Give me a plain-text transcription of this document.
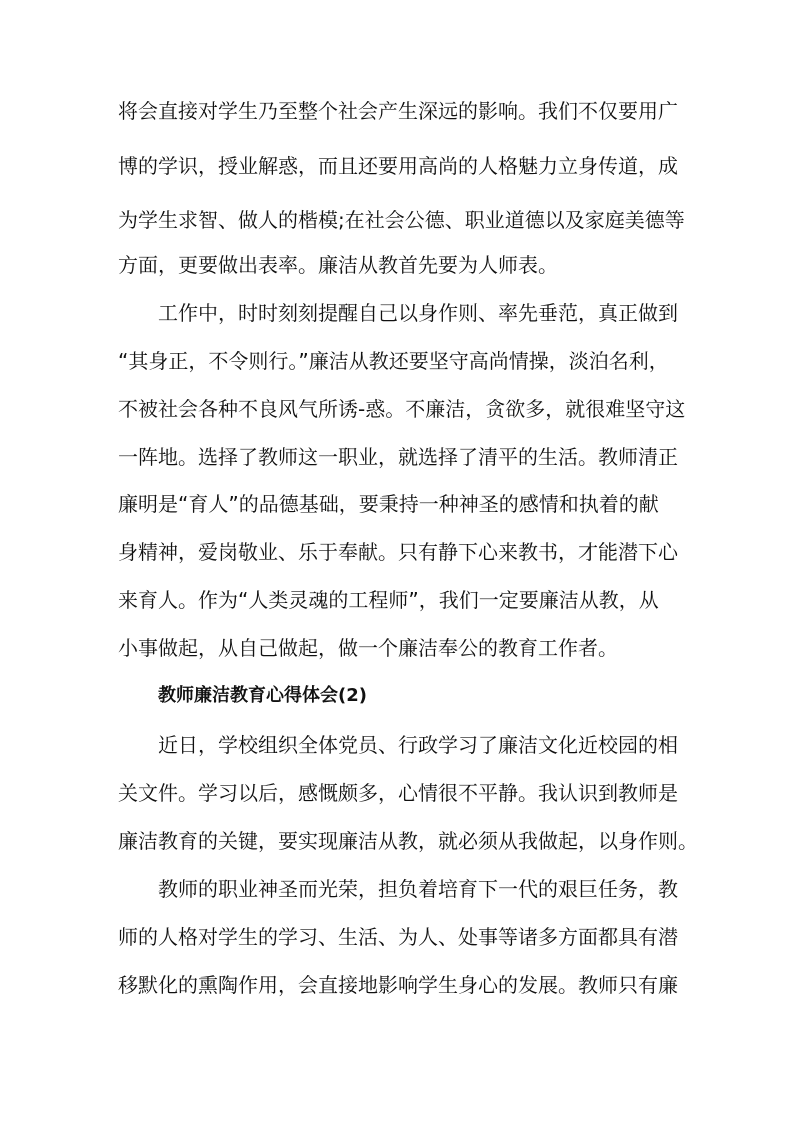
将会直接对学生乃至整个社会产生深远的影响。我们不仅要用广
博的学识，授业解惑，而且还要用高尚的人格魅力立身传道，成
为学生求智、做人的楷模;在社会公德、职业道德以及家庭美德等
方面，更要做出表率。廉洁从教首先要为人师表。
工作中，时时刻刻提醒自己以身作则、率先垂范，真正做到
“其身正，不令则行。”廉洁从教还要坚守高尚情操，淡泊名利，
不被社会各种不良风气所诱-惑。不廉洁，贪欲多，就很难坚守这
一阵地。选择了教师这一职业，就选择了清平的生活。教师清正
廉明是“育人”的品德基础，要秉持一种神圣的感情和执着的献
身精神，爱岗敬业、乐于奉献。只有静下心来教书，才能潜下心
来育人。作为“人类灵魂的工程师”，我们一定要廉洁从教，从
小事做起，从自己做起，做一个廉洁奉公的教育工作者。
教师廉洁教育心得体会(2)
近日，学校组织全体党员、行政学习了廉洁文化近校园的相
关文件。学习以后，感慨颇多，心情很不平静。我认识到教师是
廉洁教育的关键，要实现廉洁从教，就必须从我做起，以身作则。
教师的职业神圣而光荣，担负着培育下一代的艰巨任务，教
师的人格对学生的学习、生活、为人、处事等诸多方面都具有潜
移默化的熏陶作用，会直接地影响学生身心的发展。教师只有廉
